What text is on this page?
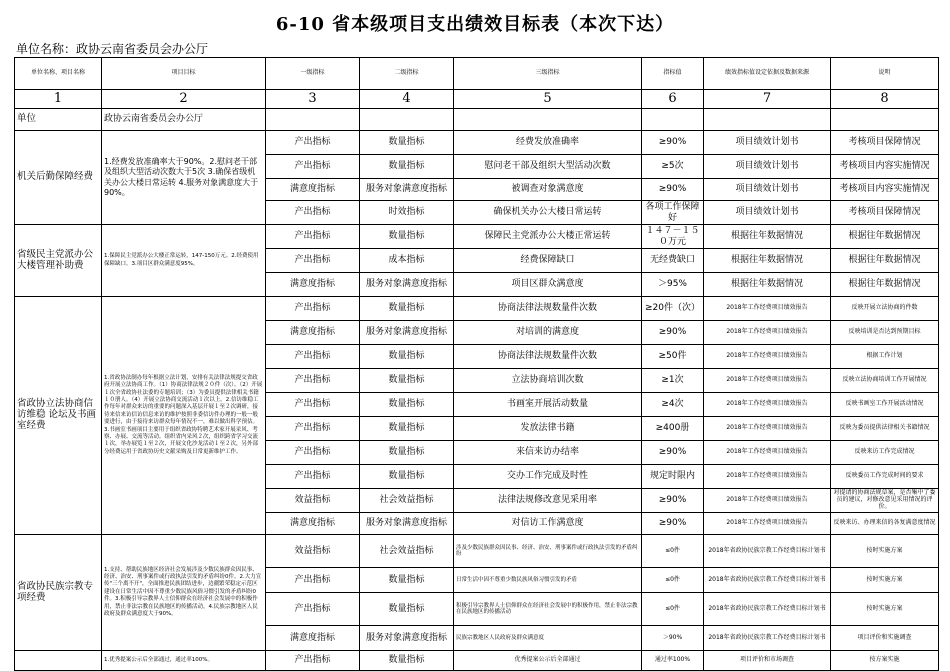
6-10 省本级项目支出绩效目标表（本次下达）
单位名称：政协云南省委员会办公厅
单位名称、项目名称	项目目标	一级指标	二级指标	三级指标	指标值	绩效指标值设定依据及数据来源	说明
1	2	3	4	5	6	7	8
单位	政协云南省委员会办公厅						
机关后勤保障经费	1.经费发放准确率大于90%。2.慰问老干部及组织大型活动次数大于5次 3.确保省级机关办公大楼日常运转 4.服务对象满意度大于90%。	产出指标	数量指标	经费发放准确率	≥90%	项目绩效计划书	考核项目保障情况
		产出指标	数量指标	慰问老干部及组织大型活动次数	≥5次	项目绩效计划书	考核项目内容实施情况
		满意度指标	服务对象满意度指标	被调查对象满意度	≥90%	项目绩效计划书	考核项目内容实施情况
		产出指标	时效指标	确保机关办公大楼日常运转	各项工作保障好	项目绩效计划书	考核项目保障情况
省级民主党派办公大楼管理补助费	1.保障民主党派办公大楼正常运转，147-150万元。2.经费使用保障缺口。3.项目区群众满意度95%。	产出指标	数量指标	保障民主党派办公大楼正常运转	１４７－１５０万元	根据往年数据情况	根据往年数据情况
		产出指标	成本指标	经费保障缺口	无经费缺口	根据往年数据情况	根据往年数据情况
		满意度指标	服务对象满意度指标	项目区群众满意度	＞95%	根据往年数据情况	根据往年数据情况
省政协立法协商信访维稳 论坛及书画室经费	1.省政协法制办每年根据立法计划，安排有关法律法规提交省政府开展立法协商工作。（1）协商法律法规２０件（次）。（2）开展１次全省政协社法委的专题培训；（3）为委员提供法律相关书籍１０册人。（4）开展立法协商交流活动１次以上。2.信访维稳工作每年对群众来访的重要的问题深入基层开展１至２次调研，接待来信来访信访信息来访的维护按照非委信访件办理的一般一般要进行，由于接待来访群众每年情况不一，难以做出科学预估。3.书画室书画项目主要用于组织省政协特聘艺术家开展采风、考察、办展、交流等活动。组织省内采风２次，组织跨省学习交流１次，举办展览１至２次，开展文化沙龙活动１至２次，另外部分经费运用于省政协历史文献采购及日常更新维护工作。	产出指标	数量指标	协商法律法规数量件次数	≥20件（次）	2018年工作经费项目绩效报告	反映开展立法协商的件数
		满意度指标	服务对象满意度指标	对培训的满意度	≥90%	2018年工作经费项目绩效报告	反映培训是否达到预期目标
		产出指标	数量指标	协商法律法规数量件次数	≥50件	2018年工作经费项目绩效报告	根据工作计划
		产出指标	数量指标	立法协商培训次数	≥1次	2018年工作经费项目绩效报告	反映立法协商培训工作开展情况
		产出指标	数量指标	书画室开展活动数量	≥4次	2018年工作经费项目绩效报告	反映书画室工作开展活动情况
		产出指标	数量指标	发放法律书籍	≥400册	2018年工作经费项目绩效报告	反映为委员提供法律相关书籍情况
		产出指标	数量指标	来信来访办结率	≥90%	2018年工作经费项目绩效报告	反映来访工作完成情况
		产出指标	数量指标	交办工作完成及时性	规定时限内	2018年工作经费项目绩效报告	反映委员工作完成时间的要求
		效益指标	社会效益指标	法律法规修改意见采用率	≥90%	2018年工作经费项目绩效报告	对提请的协商法规草案，是否集中了委员的建议，对修改意见采用情况的评价。
		满意度指标	服务对象满意度指标	对信访工作满意度	≥90%	2018年工作经费项目绩效报告	反映来访、办理来信的各复满意度情况
省政协民族宗教专项经费	1.支持、帮助民族地区经济社会发展涉及少数民族群众因民事、经济、治安、刑事案件或行政执法引发的矛盾纠纷0件。2.大力宣传"三个离不开"，全面推进民族团结进步，边疆繁荣稳定示范区建设在日常生活中因不尊重少数民族风俗习惯引发的矛盾纠纷0件。3.积极引导宗教界人士信仰群众在经济社会发展中的积极作用，禁止非法宗教在民族地区的传播活动。4.民族宗教地区人民政府及群众满意度大于90%。	效益指标	社会效益指标	涉及少数民族群众因民事、经济、治安、刑事案件或行政执法引发的矛盾纠纷	≤0件	2018年省政协民族宗教工作经费目标计划书	按时实施方案
		产出指标	数量指标	日常生活中因不尊重少数民族风俗习惯引发的矛盾	≤0件	2018年省政协民族宗教工作经费目标计划书	按时实施方案
		产出指标	数量指标	积极引导宗教界人士信仰群众在经济社会发展中的积极作用，禁止非法宗教在民族地区的传播活动	≤0件	2018年省政协民族宗教工作经费目标计划书	按时实施方案
		满意度指标	服务对象满意度指标	民族宗教地区人民政府及群众满意度	＞90%	2018年省政协民族宗教工作经费目标计划书	项目评价和实施调查
	1.优秀提案公示后全部通过，通过率100%。	产出指标	数量指标	优秀提案公示后全部通过	通过率100%	项目评价和市场调查	按方案实施
